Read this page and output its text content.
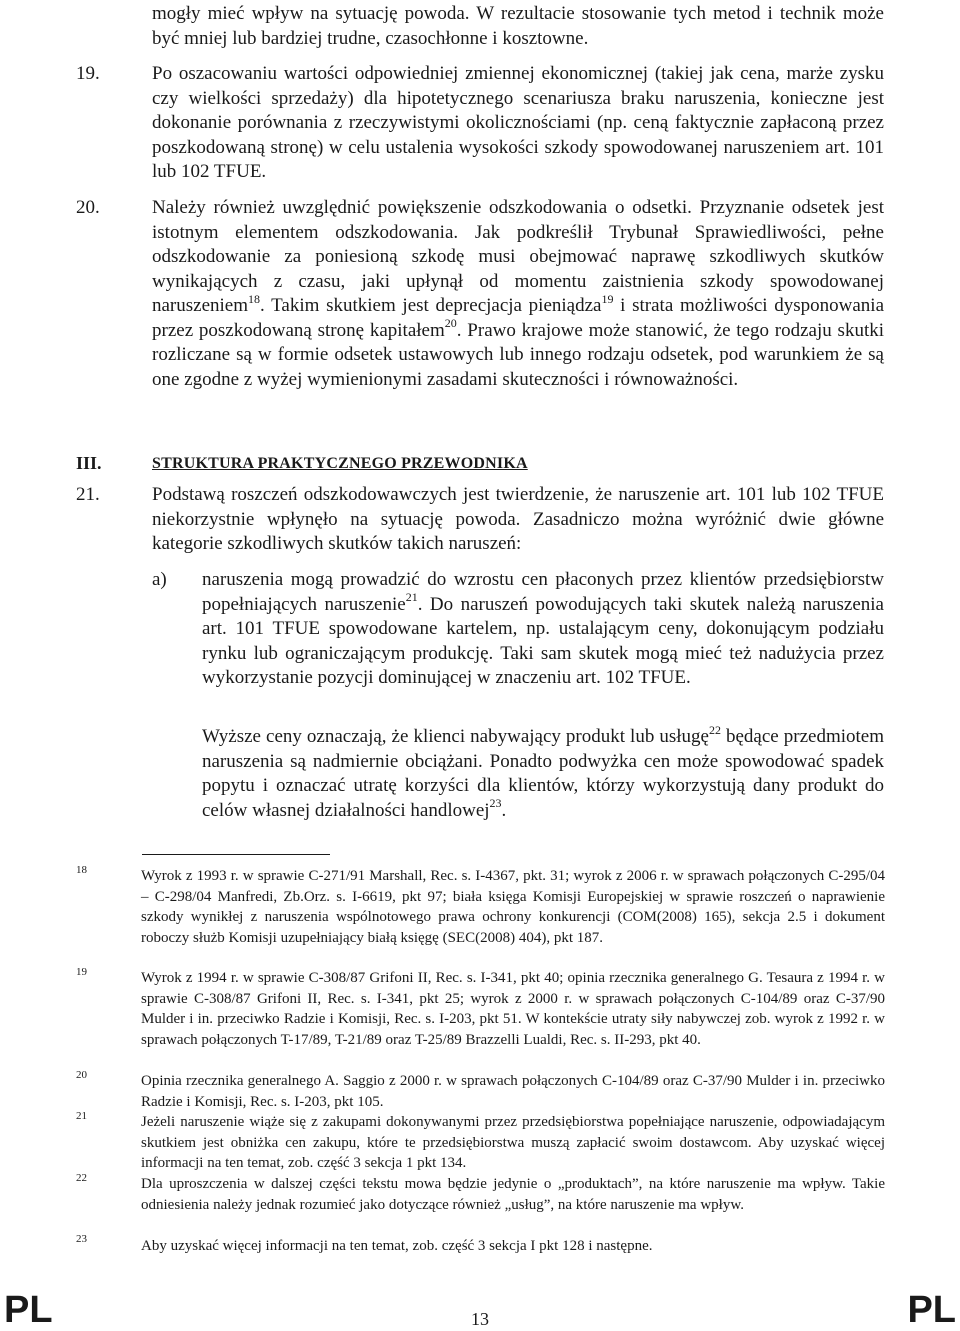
mogły mieć wpływ na sytuację powoda. W rezultacie stosowanie tych metod i technik może być mniej lub bardziej trudne, czasochłonne i kosztowne.
19.	Po oszacowaniu wartości odpowiedniej zmiennej ekonomicznej (takiej jak cena, marże zysku czy wielkości sprzedaży) dla hipotetycznego scenariusza braku naruszenia, konieczne jest dokonanie porównania z rzeczywistymi okolicznościami (np. ceną faktycznie zapłaconą przez poszkodowaną stronę) w celu ustalenia wysokości szkody spowodowanej naruszeniem art. 101 lub 102 TFUE.
20.	Należy również uwzględnić powiększenie odszkodowania o odsetki. Przyznanie odsetek jest istotnym elementem odszkodowania. Jak podkreślił Trybunał Sprawiedliwości, pełne odszkodowanie za poniesioną szkodę musi obejmować naprawę szkodliwych skutków wynikających z czasu, jaki upłynął od momentu zaistnienia szkody spowodowanej naruszeniem$^{18}$. Takim skutkiem jest deprecjacja pieniądza$^{19}$ i strata możliwości dysponowania przez poszkodowaną stronę kapitałem$^{20}$. Prawo krajowe może stanowić, że tego rodzaju skutki rozliczane są w formie odsetek ustawowych lub innego rodzaju odsetek, pod warunkiem że są one zgodne z wyżej wymienionymi zasadami skuteczności i równoważności.
III.	STRUKTURA PRAKTYCZNEGO PRZEWODNIKA
21.	Podstawą roszczeń odszkodowawczych jest twierdzenie, że naruszenie art. 101 lub 102 TFUE niekorzystnie wpłynęło na sytuację powoda. Zasadniczo można wyróżnić dwie główne kategorie szkodliwych skutków takich naruszeń:
a) naruszenia mogą prowadzić do wzrostu cen płaconych przez klientów przedsiębiorstw popełniających naruszenie$^{21}$. Do naruszeń powodujących taki skutek należą naruszenia art. 101 TFUE spowodowane kartelem, np. ustalającym ceny, dokonującym podziału rynku lub ograniczającym produkcję. Taki sam skutek mogą mieć też nadużycia przez wykorzystanie pozycji dominującej w znaczeniu art. 102 TFUE.
Wyższe ceny oznaczają, że klienci nabywający produkt lub usługę$^{22}$ będące przedmiotem naruszenia są nadmiernie obciążani. Ponadto podwyżka cen może spowodować spadek popytu i oznaczać utratę korzyści dla klientów, którzy wykorzystują dany produkt do celów własnej działalności handlowej$^{23}$.
18	Wyrok z 1993 r. w sprawie C-271/91 Marshall, Rec. s. I-4367, pkt. 31; wyrok z 2006 r. w sprawach połączonych C-295/04 – C-298/04 Manfredi, Zb.Orz. s. I-6619, pkt 97; biała księga Komisji Europejskiej w sprawie roszczeń o naprawienie szkody wynikłej z naruszenia wspólnotowego prawa ochrony konkurencji (COM(2008) 165), sekcja 2.5 i dokument roboczy służb Komisji uzupełniający białą księgę (SEC(2008) 404), pkt 187.
19	Wyrok z 1994 r. w sprawie C-308/87 Grifoni II, Rec. s. I-341, pkt 40; opinia rzecznika generalnego G. Tesaura z 1994 r. w sprawie C-308/87 Grifoni II, Rec. s. I-341, pkt 25; wyrok z 2000 r. w sprawach połączonych C-104/89 oraz C-37/90 Mulder i in. przeciwko Radzie i Komisji, Rec. s. I-203, pkt 51. W kontekście utraty siły nabywczej zob. wyrok z 1992 r. w sprawach połączonych T-17/89, T-21/89 oraz T-25/89 Brazzelli Lualdi, Rec. s. II-293, pkt 40.
20	Opinia rzecznika generalnego A. Saggio z 2000 r. w sprawach połączonych C-104/89 oraz C-37/90 Mulder i in. przeciwko Radzie i Komisji, Rec. s. I-203, pkt 105.
21	Jeżeli naruszenie wiąże się z zakupami dokonywanymi przez przedsiębiorstwa popełniające naruszenie, odpowiadającym skutkiem jest obniżka cen zakupu, które te przedsiębiorstwa muszą zapłacić swoim dostawcom. Aby uzyskać więcej informacji na ten temat, zob. część 3 sekcja 1 pkt 134.
22	Dla uproszczenia w dalszej części tekstu mowa będzie jedynie o „produktach”, na które naruszenie ma wpływ. Takie odniesienia należy jednak rozumieć jako dotyczące również „usług”, na które naruszenie ma wpływ.
23	Aby uzyskać więcej informacji na ten temat, zob. część 3 sekcja I pkt 128 i następne.
PL	13	PL
